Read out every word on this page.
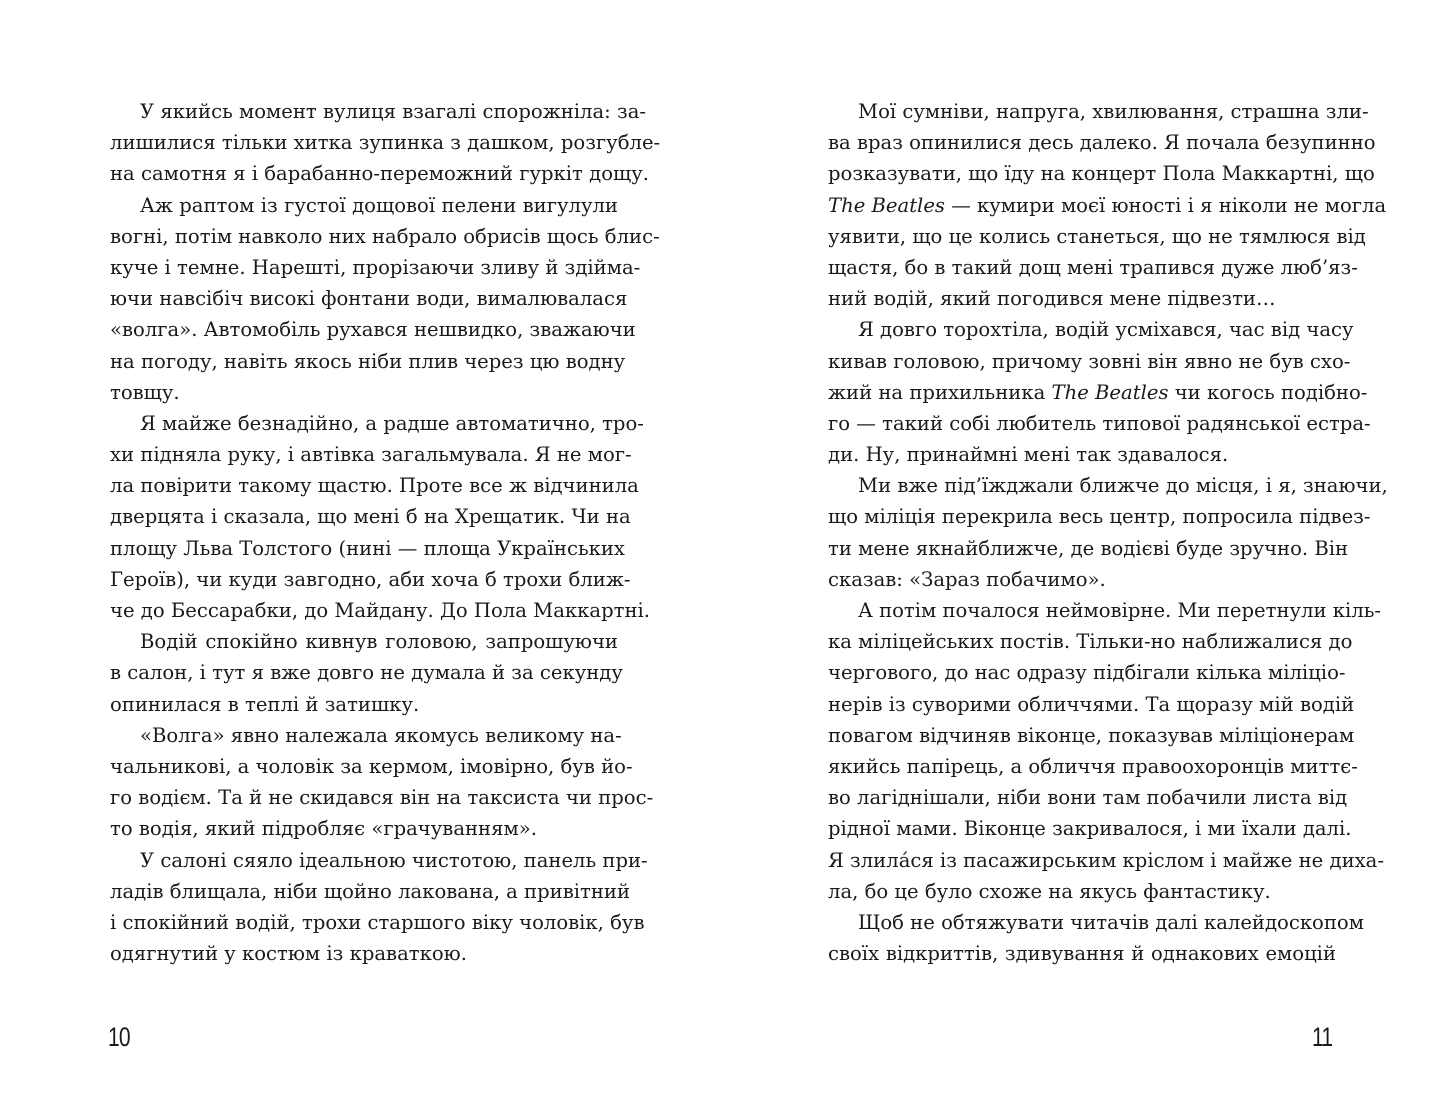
У якийсь момент вулиця взагалі спорожніла: за-
лишилися тільки хитка зупинка з дашком, розгубле-
на самотня я і барабанно-переможний гуркіт дощу.
Аж раптом із густої дощової пелени вигулули
вогні, потім навколо них набрало обрисів щось блис-
куче і темне. Нарешті, прорізаючи зливу й здійма-
ючи навсібіч високі фонтани води, вималювалася
«волга». Автомобіль рухався нешвидко, зважаючи
на погоду, навіть якось ніби плив через цю водну
товщу.
Я майже безнадійно, а радше автоматично, тро-
хи підняла руку, і автівка загальмувала. Я не мог-
ла повірити такому щастю. Проте все ж відчинила
дверцята і сказала, що мені б на Хрещатик. Чи на
площу Льва Толстого (нині — площа Українських
Героїв), чи куди завгодно, аби хоча б трохи ближ-
че до Бессарабки, до Майдану. До Пола Маккартні.
Водій спокійно кивнув головою, запрошуючи
в салон, і тут я вже довго не думала й за секунду
опинилася в теплі й затишку.
«Волга» явно належала якомусь великому на-
чальникові, а чоловік за кермом, імовірно, був йо-
го водієм. Та й не скидався він на таксиста чи прос-
то водія, який підробляє «грачуванням».
У салоні сяяло ідеальною чистотою, панель при-
ладів блищала, ніби щойно лакована, а привітний
і спокійний водій, трохи старшого віку чоловік, був
одягнутий у костюм із краваткою.
Мої сумніви, напруга, хвилювання, страшна зли-
ва враз опинилися десь далеко. Я почала безупинно
розказувати, що їду на концерт Пола Маккартні, що
The Beatles — кумири моєї юності і я ніколи не могла
уявити, що це колись станеться, що не тямлюся від
щастя, бо в такий дощ мені трапився дуже люб’яз-
ний водій, який погодився мене підвезти…
Я довго торохтіла, водій усміхався, час від часу
кивав головою, причому зовні він явно не був схо-
жий на прихильника The Beatles чи когось подібно-
го — такий собі любитель типової радянської естра-
ди. Ну, принаймні мені так здавалося.
Ми вже під’їжджали ближче до місця, і я, знаючи,
що міліція перекрила весь центр, попросила підвез-
ти мене якнайближче, де водієві буде зручно. Він
сказав: «Зараз побачимо».
А потім почалося неймовірне. Ми перетнули кіль-
ка міліцейських постів. Тільки-но наближалися до
чергового, до нас одразу підбігали кілька міліціо-
нерів із суворими обличчями. Та щоразу мій водій
повагом відчиняв віконце, показував міліціонерам
якийсь папірець, а обличчя правоохоронців миттє-
во лагіднішали, ніби вони там побачили листа від
рідної мами. Віконце закривалося, і ми їхали далі.
Я злила́ся із пасажирським кріслом і майже не диха-
ла, бо це було схоже на якусь фантастику.
Щоб не обтяжувати читачів далі калейдоскопом
своїх відкриттів, здивування й однакових емоцій
10	11
